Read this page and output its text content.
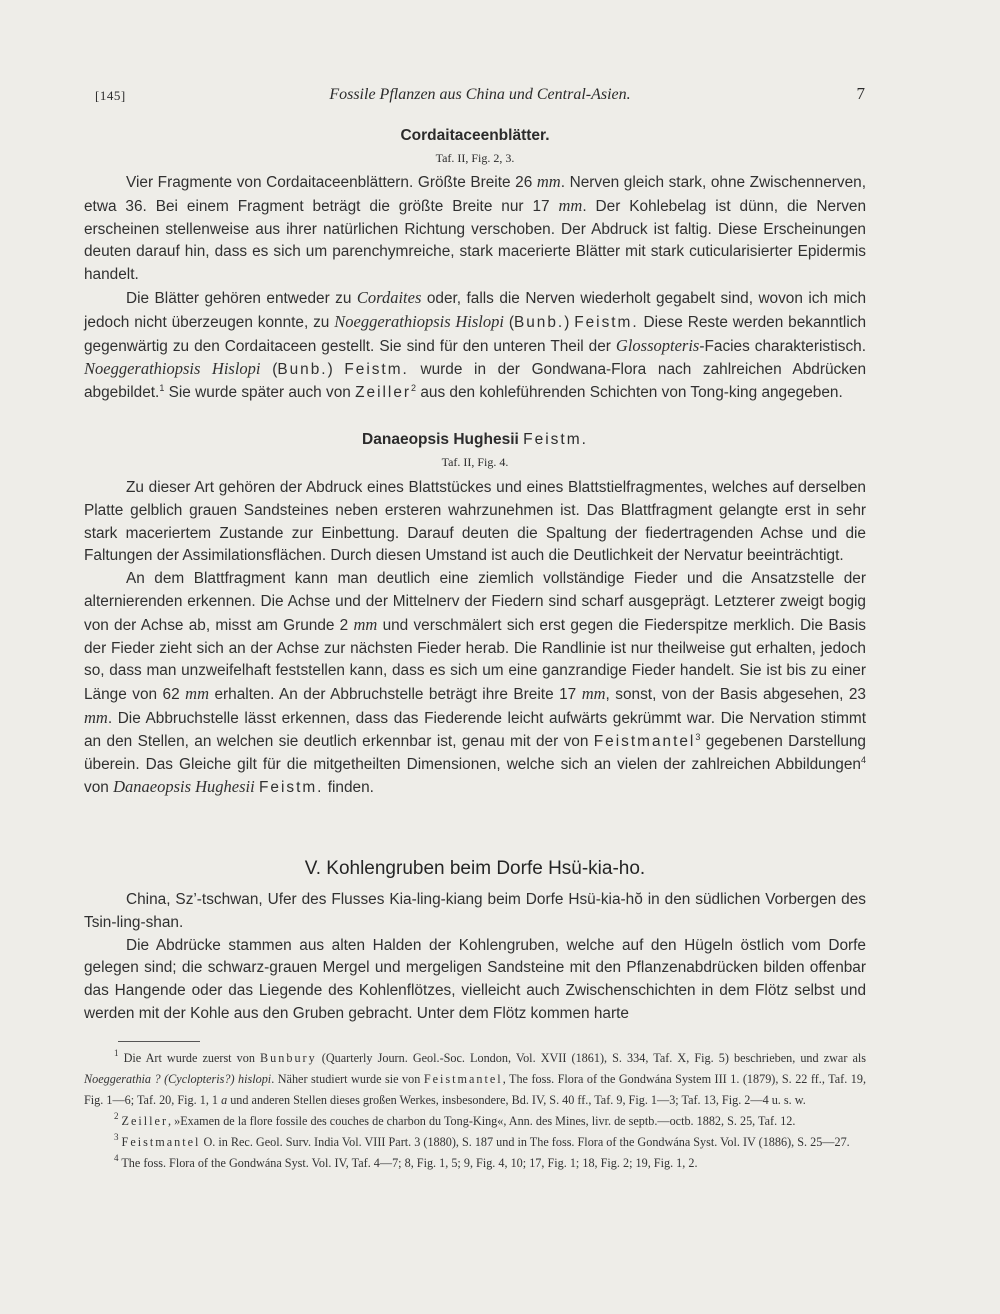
[145]	Fossile Pflanzen aus China und Central-Asien.	7

Cordaitaceenblätter.

Taf. II, Fig. 2, 3.

Vier Fragmente von Cordaitaceenblättern. Größte Breite 26 mm. Nerven gleich stark, ohne Zwischennerven, etwa 36. Bei einem Fragment beträgt die größte Breite nur 17 mm. Der Kohlebelag ist dünn, die Nerven erscheinen stellenweise aus ihrer natürlichen Richtung verschoben. Der Abdruck ist faltig. Diese Erscheinungen deuten darauf hin, dass es sich um parenchymreiche, stark macerierte Blätter mit stark cuticularisierter Epidermis handelt.

Die Blätter gehören entweder zu Cordaites oder, falls die Nerven wiederholt gegabelt sind, wovon ich mich jedoch nicht überzeugen konnte, zu Noeggerathiopsis Hislopi (Bunb.) Feistm. Diese Reste werden bekanntlich gegenwärtig zu den Cordaitaceen gestellt. Sie sind für den unteren Theil der Glossopteris-Facies charakteristisch. Noeggerathiopsis Hislopi (Bunb.) Feistm. wurde in der Gondwana-Flora nach zahlreichen Abdrücken abgebildet.$^1$ Sie wurde später auch von Zeiller$^2$ aus den kohleführenden Schichten von Tong-king angegeben.

Danaeopsis Hughesii Feistm.

Taf. II, Fig. 4.

Zu dieser Art gehören der Abdruck eines Blattstückes und eines Blattstielfragmentes, welches auf derselben Platte gelblich grauen Sandsteines neben ersteren wahrzunehmen ist. Das Blattfragment gelangte erst in sehr stark maceriertem Zustande zur Einbettung. Darauf deuten die Spaltung der fiedertragenden Achse und die Faltungen der Assimilationsflächen. Durch diesen Umstand ist auch die Deutlichkeit der Nervatur beeinträchtigt.

An dem Blattfragment kann man deutlich eine ziemlich vollständige Fieder und die Ansatzstelle der alternierenden erkennen. Die Achse und der Mittelnerv der Fiedern sind scharf ausgeprägt. Letzterer zweigt bogig von der Achse ab, misst am Grunde 2 mm und verschmälert sich erst gegen die Fiederspitze merklich. Die Basis der Fieder zieht sich an der Achse zur nächsten Fieder herab. Die Randlinie ist nur theilweise gut erhalten, jedoch so, dass man unzweifelhaft feststellen kann, dass es sich um eine ganzrandige Fieder handelt. Sie ist bis zu einer Länge von 62 mm erhalten. An der Abbruchstelle beträgt ihre Breite 17 mm, sonst, von der Basis abgesehen, 23 mm. Die Abbruchstelle lässt erkennen, dass das Fiederende leicht aufwärts gekrümmt war. Die Nervation stimmt an den Stellen, an welchen sie deutlich erkennbar ist, genau mit der von Feistmantel$^3$ gegebenen Darstellung überein. Das Gleiche gilt für die mitgetheilten Dimensionen, welche sich an vielen der zahlreichen Abbildungen$^4$ von Danaeopsis Hughesii Feistm. finden.

V. Kohlengruben beim Dorfe Hsü-kia-ho.

China, Sz’-tschwan, Ufer des Flusses Kia-ling-kiang beim Dorfe Hsü-kia-hŏ in den südlichen Vorbergen des Tsin-ling-shan.

Die Abdrücke stammen aus alten Halden der Kohlengruben, welche auf den Hügeln östlich vom Dorfe gelegen sind; die schwarz-grauen Mergel und mergeligen Sandsteine mit den Pflanzenabdrücken bilden offenbar das Hangende oder das Liegende des Kohlenflötzes, vielleicht auch Zwischenschichten in dem Flötz selbst und werden mit der Kohle aus den Gruben gebracht. Unter dem Flötz kommen harte

$^1$ Die Art wurde zuerst von Bunbury (Quarterly Journ. Geol.-Soc. London, Vol. XVII (1861), S. 334, Taf. X, Fig. 5) beschrieben, und zwar als Noeggerathia ? (Cyclopteris?) hislopi. Näher studiert wurde sie von Feistmantel, The foss. Flora of the Gondwána System III 1. (1879), S. 22 ff., Taf. 19, Fig. 1—6; Taf. 20, Fig. 1, 1 a und anderen Stellen dieses großen Werkes, insbesondere, Bd. IV, S. 40 ff., Taf. 9, Fig. 1—3; Taf. 13, Fig. 2—4 u. s. w.

$^2$ Zeiller, »Examen de la flore fossile des couches de charbon du Tong-King«, Ann. des Mines, livr. de septb.—octb. 1882, S. 25, Taf. 12.

$^3$ Feistmantel O. in Rec. Geol. Surv. India Vol. VIII Part. 3 (1880), S. 187 und in The foss. Flora of the Gondwána Syst. Vol. IV (1886), S. 25—27.

$^4$ The foss. Flora of the Gondwána Syst. Vol. IV, Taf. 4—7; 8, Fig. 1, 5; 9, Fig. 4, 10; 17, Fig. 1; 18, Fig. 2; 19, Fig. 1, 2.
